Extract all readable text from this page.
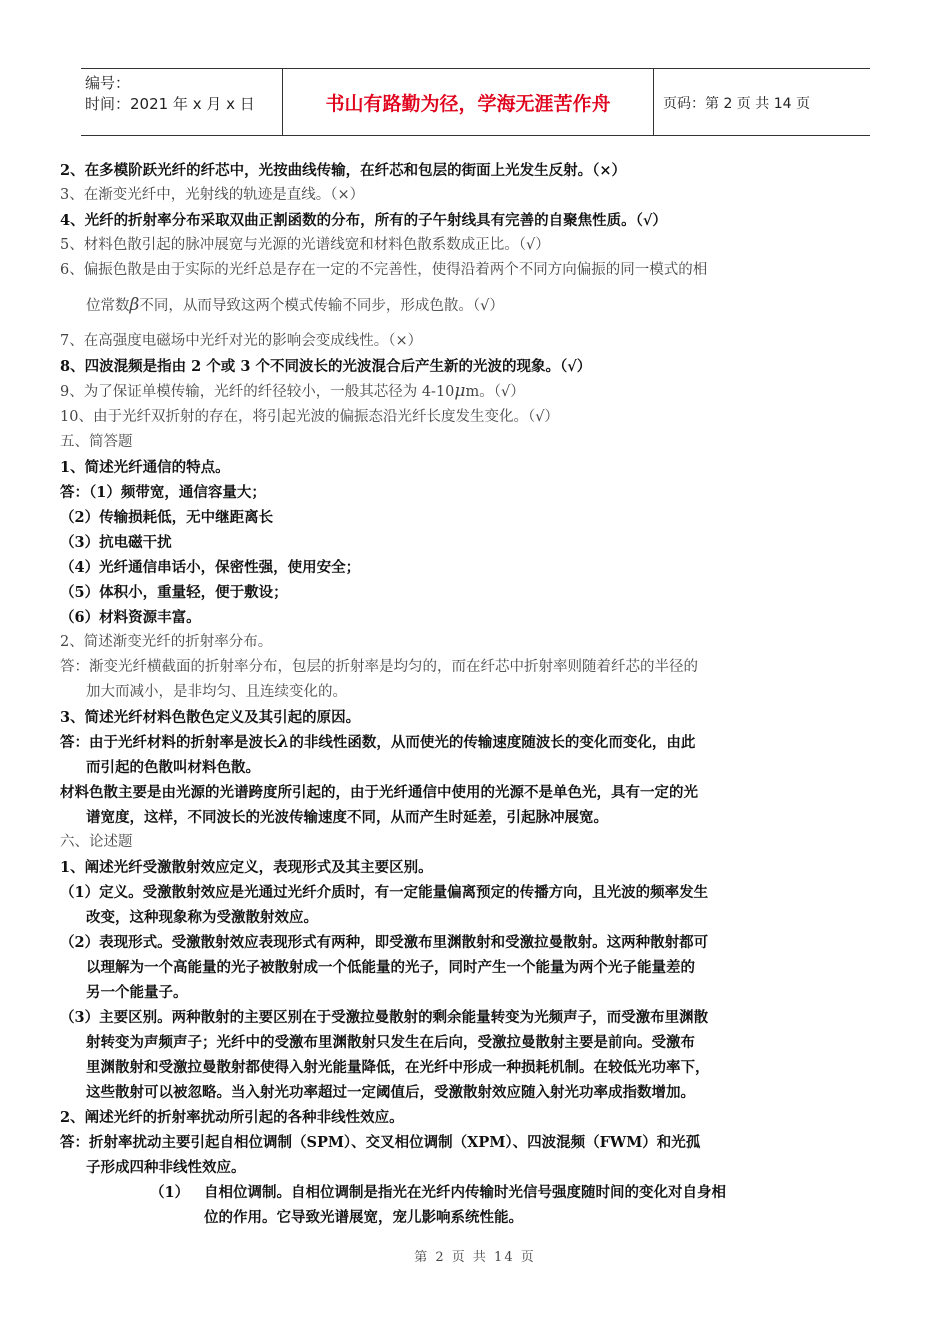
编号：
时间：2021 年 x 月 x 日	书山有路勤为径，学海无涯苦作舟	页码：第 2 页 共 14 页
2、在多模阶跃光纤的纤芯中，光按曲线传输，在纤芯和包层的街面上光发生反射。（×）
3、在渐变光纤中，光射线的轨迹是直线。（×）
4、光纤的折射率分布采取双曲正割函数的分布，所有的子午射线具有完善的自聚焦性质。（√）
5、材料色散引起的脉冲展宽与光源的光谱线宽和材料色散系数成正比。（√）
6、偏振色散是由于实际的光纤总是存在一定的不完善性，使得沿着两个不同方向偏振的同一模式的相
位常数β不同，从而导致这两个模式传输不同步，形成色散。（√）
7、在高强度电磁场中光纤对光的影响会变成线性。（×）
8、四波混频是指由 2 个或 3 个不同波长的光波混合后产生新的光波的现象。（√）
9、为了保证单模传输，光纤的纤径较小，一般其芯径为 4-10μm。（√）
10、由于光纤双折射的存在，将引起光波的偏振态沿光纤长度发生变化。（√）
五、简答题
1、简述光纤通信的特点。
答：（1）频带宽，通信容量大；
（2）传输损耗低，无中继距离长
（3）抗电磁干扰
（4）光纤通信串话小，保密性强，使用安全；
（5）体积小，重量轻，便于敷设；
（6）材料资源丰富。
2、简述渐变光纤的折射率分布。
答：渐变光纤横截面的折射率分布，包层的折射率是均匀的，而在纤芯中折射率则随着纤芯的半径的
加大而减小，是非均匀、且连续变化的。
3、简述光纤材料色散色定义及其引起的原因。
答：由于光纤材料的折射率是波长λ的非线性函数，从而使光的传输速度随波长的变化而变化，由此
而引起的色散叫材料色散。
材料色散主要是由光源的光谱跨度所引起的，由于光纤通信中使用的光源不是单色光，具有一定的光
谱宽度，这样，不同波长的光波传输速度不同，从而产生时延差，引起脉冲展宽。
六、论述题
1、阐述光纤受激散射效应定义，表现形式及其主要区别。
（1）定义。受激散射效应是光通过光纤介质时，有一定能量偏离预定的传播方向，且光波的频率发生
改变，这种现象称为受激散射效应。
（2）表现形式。受激散射效应表现形式有两种，即受激布里渊散射和受激拉曼散射。这两种散射都可
以理解为一个高能量的光子被散射成一个低能量的光子，同时产生一个能量为两个光子能量差的
另一个能量子。
（3）主要区别。两种散射的主要区别在于受激拉曼散射的剩余能量转变为光频声子，而受激布里渊散
射转变为声频声子；光纤中的受激布里渊散射只发生在后向，受激拉曼散射主要是前向。受激布
里渊散射和受激拉曼散射都使得入射光能量降低，在光纤中形成一种损耗机制。在较低光功率下，
这些散射可以被忽略。当入射光功率超过一定阈值后，受激散射效应随入射光功率成指数增加。
2、阐述光纤的折射率扰动所引起的各种非线性效应。
答：折射率扰动主要引起自相位调制（SPM）、交叉相位调制（XPM）、四波混频（FWM）和光孤
子形成四种非线性效应。
（1） 自相位调制。自相位调制是指光在光纤内传输时光信号强度随时间的变化对自身相
位的作用。它导致光谱展宽，宠儿影响系统性能。
第 2 页 共 14 页
